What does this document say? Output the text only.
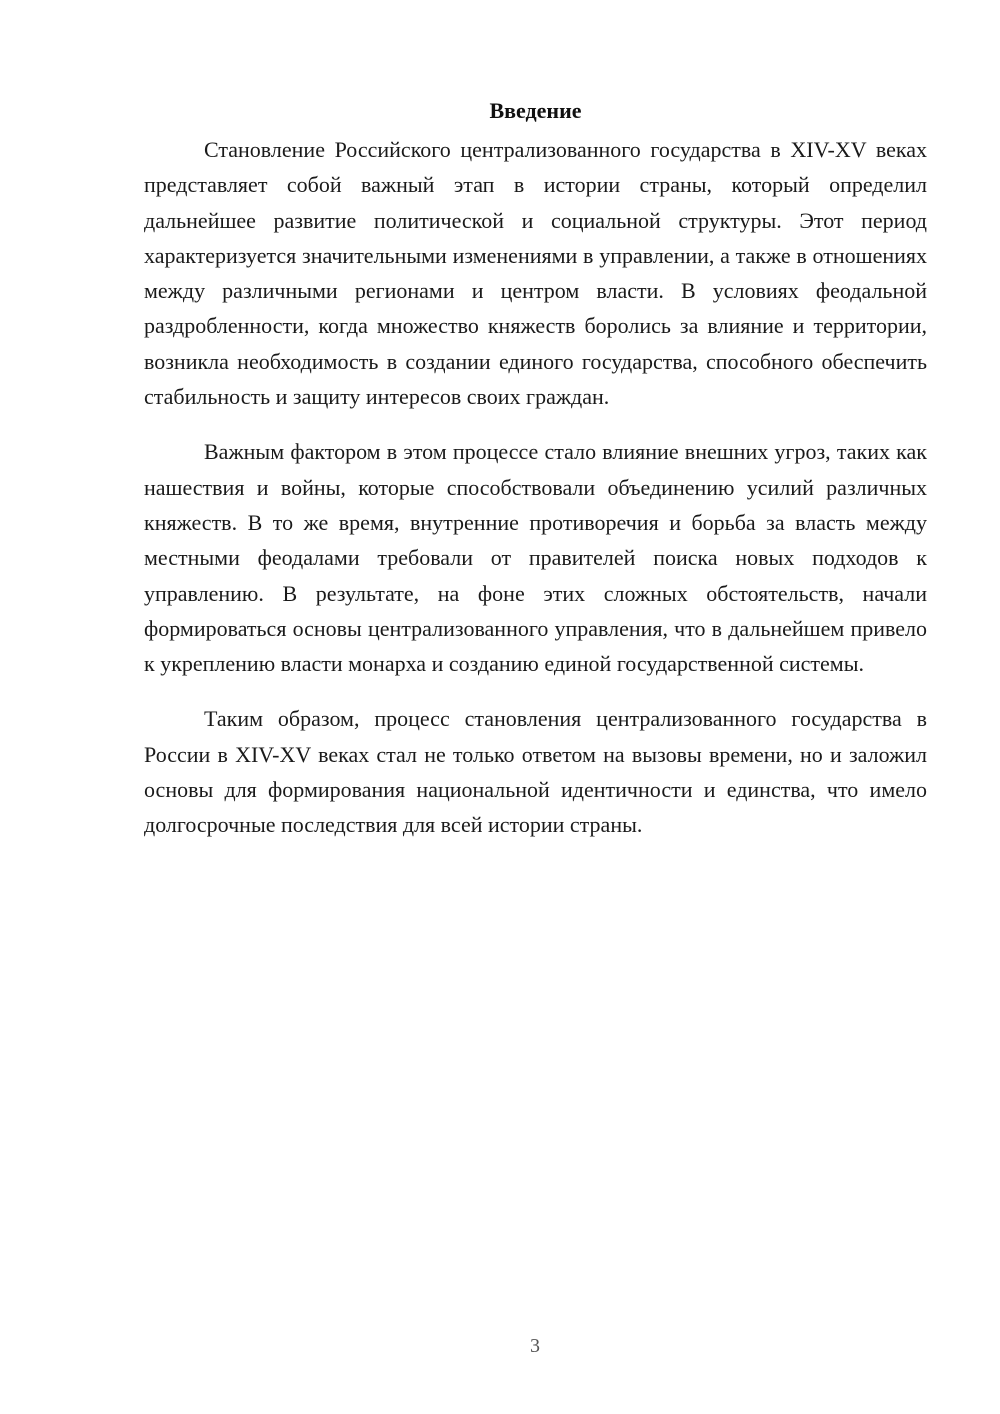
Введение

Становление Российского централизованного государства в XIV-XV веках представляет собой важный этап в истории страны, который определил дальнейшее развитие политической и социальной структуры. Этот период характеризуется значительными изменениями в управлении, а также в отношениях между различными регионами и центром власти. В условиях феодальной раздробленности, когда множество княжеств боролись за влияние и территории, возникла необходимость в создании единого государства, способного обеспечить стабильность и защиту интересов своих граждан.

Важным фактором в этом процессе стало влияние внешних угроз, таких как нашествия и войны, которые способствовали объединению усилий различных княжеств. В то же время, внутренние противоречия и борьба за власть между местными феодалами требовали от правителей поиска новых подходов к управлению. В результате, на фоне этих сложных обстоятельств, начали формироваться основы централизованного управления, что в дальнейшем привело к укреплению власти монарха и созданию единой государственной системы.

Таким образом, процесс становления централизованного государства в России в XIV-XV веках стал не только ответом на вызовы времени, но и заложил основы для формирования национальной идентичности и единства, что имело долгосрочные последствия для всей истории страны.

3
